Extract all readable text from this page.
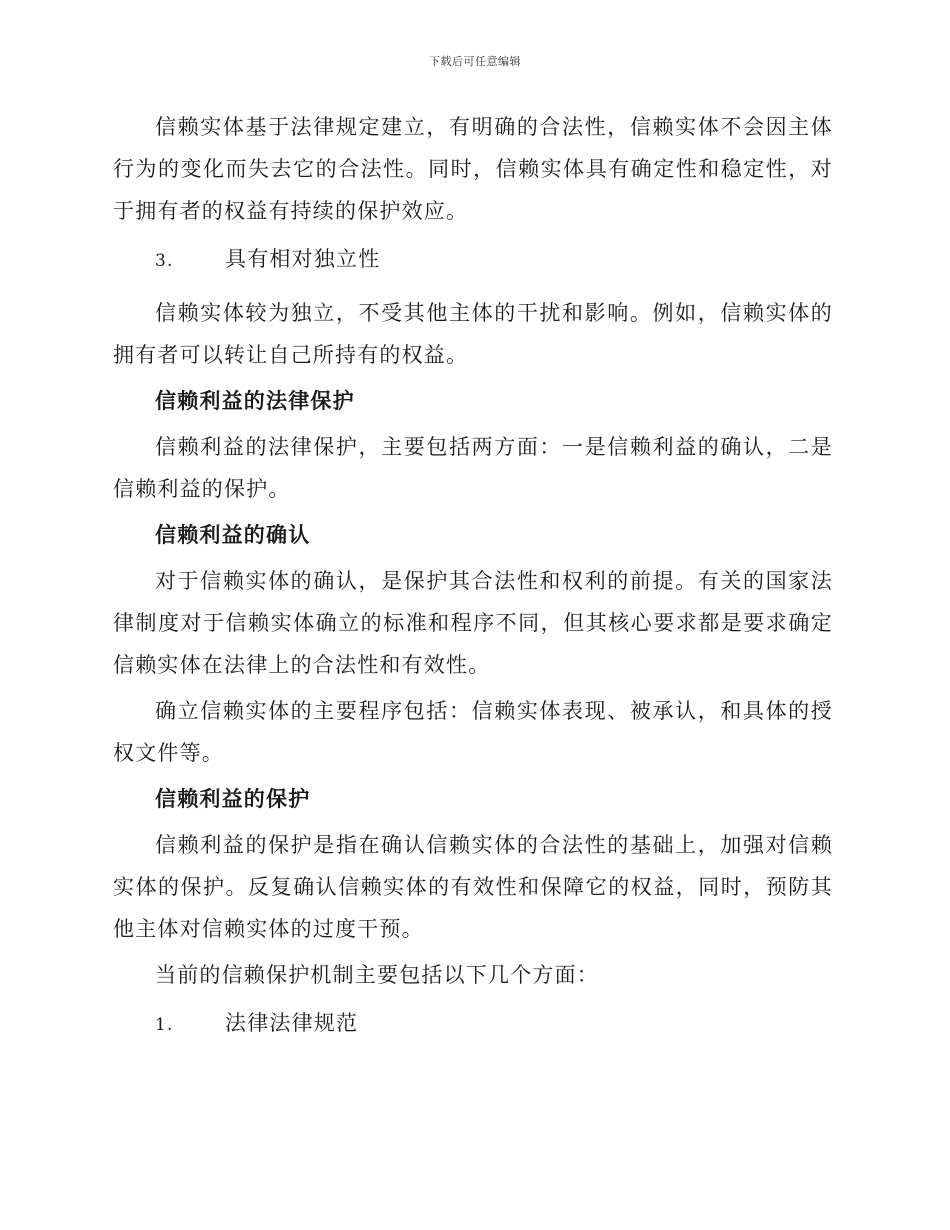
下载后可任意编辑

信赖实体基于法律规定建立，有明确的合法性，信赖实体不会因主体行为的变化而失去它的合法性。同时，信赖实体具有确定性和稳定性，对于拥有者的权益有持续的保护效应。

3. 具有相对独立性

信赖实体较为独立，不受其他主体的干扰和影响。例如，信赖实体的拥有者可以转让自己所持有的权益。

信赖利益的法律保护

信赖利益的法律保护，主要包括两方面：一是信赖利益的确认，二是信赖利益的保护。

信赖利益的确认

对于信赖实体的确认，是保护其合法性和权利的前提。有关的国家法律制度对于信赖实体确立的标准和程序不同，但其核心要求都是要求确定信赖实体在法律上的合法性和有效性。

确立信赖实体的主要程序包括：信赖实体表现、被承认，和具体的授权文件等。

信赖利益的保护

信赖利益的保护是指在确认信赖实体的合法性的基础上，加强对信赖实体的保护。反复确认信赖实体的有效性和保障它的权益，同时，预防其他主体对信赖实体的过度干预。

当前的信赖保护机制主要包括以下几个方面：

1. 法律法律规范
